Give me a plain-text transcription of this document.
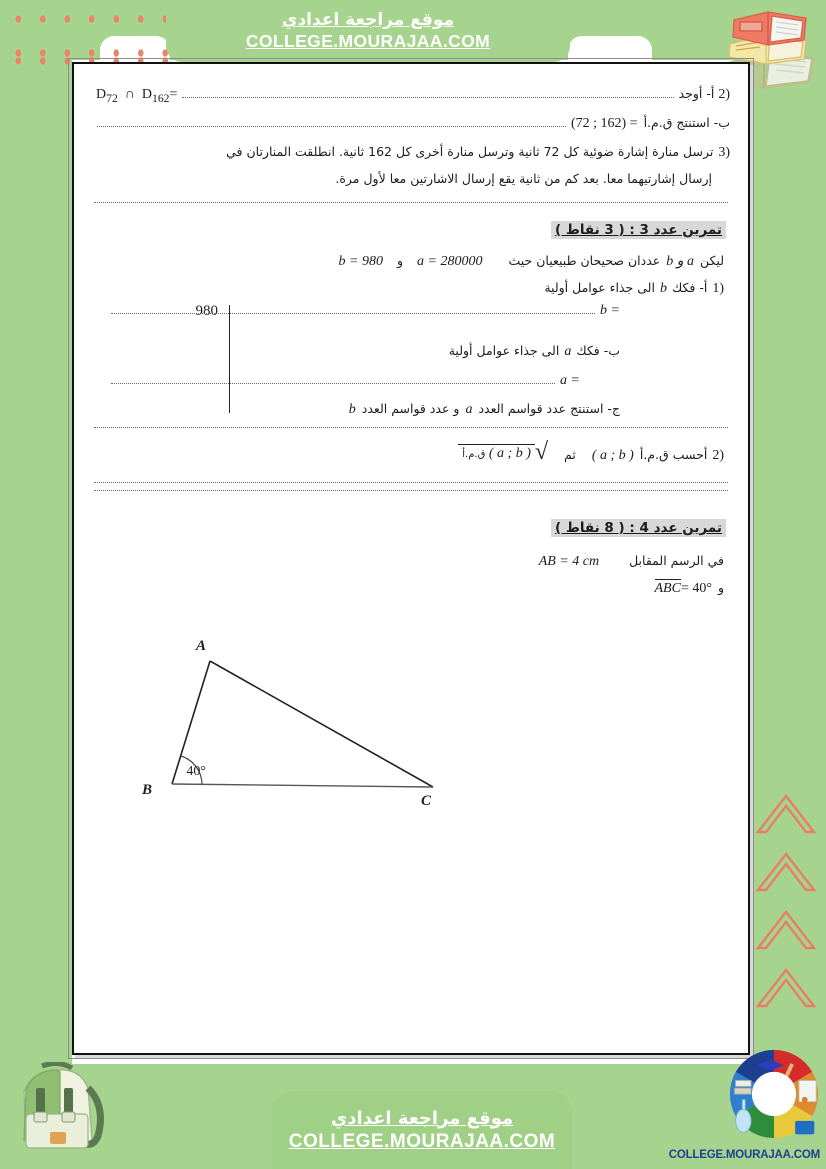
موقع مراجعة اعدادي
COLLEGE.MOURAJAA.COM
(2
أ- أوجد
$D_{72}$  ∩  $D_{162}=$
ب- استنتج ق.م.أ
(72 ; 162) =
(3
ترسل منارة إشارة ضوئية كل 72 ثانية وترسل منارة أخرى كل 162 ثانية. انطلقت المنارتان في
إرسال إشارتيهما معا. بعد كم من ثانية يقع إرسال الاشارتين معا لأول مرة.
تمرين عدد 3 : ( 3 نقاط )
ليكن
a و b
عددان صحيحان طبيعيان حيث
a = 280000
و
b = 980
(1
أ- فكك
b
الى جذاء عوامل أولية
980	b =
ب- فكك
a
الى جذاء عوامل أولية
a =
ج- استنتج عدد قواسم العدد
a
و عدد قواسم العدد
b
(2
أحسب ق.م.أ
( a ; b )
ثم
√
( a ; b ) ق.م.أ
تمرين عدد 4 : ( 8 نقاط )
في الرسم المقابل
AB = 4 cm
و
ABC= 40°
A
B
C
40°
موقع مراجعة اعدادي
COLLEGE.MOURAJAA.COM
COLLEGE.MOURAJAA.COM
